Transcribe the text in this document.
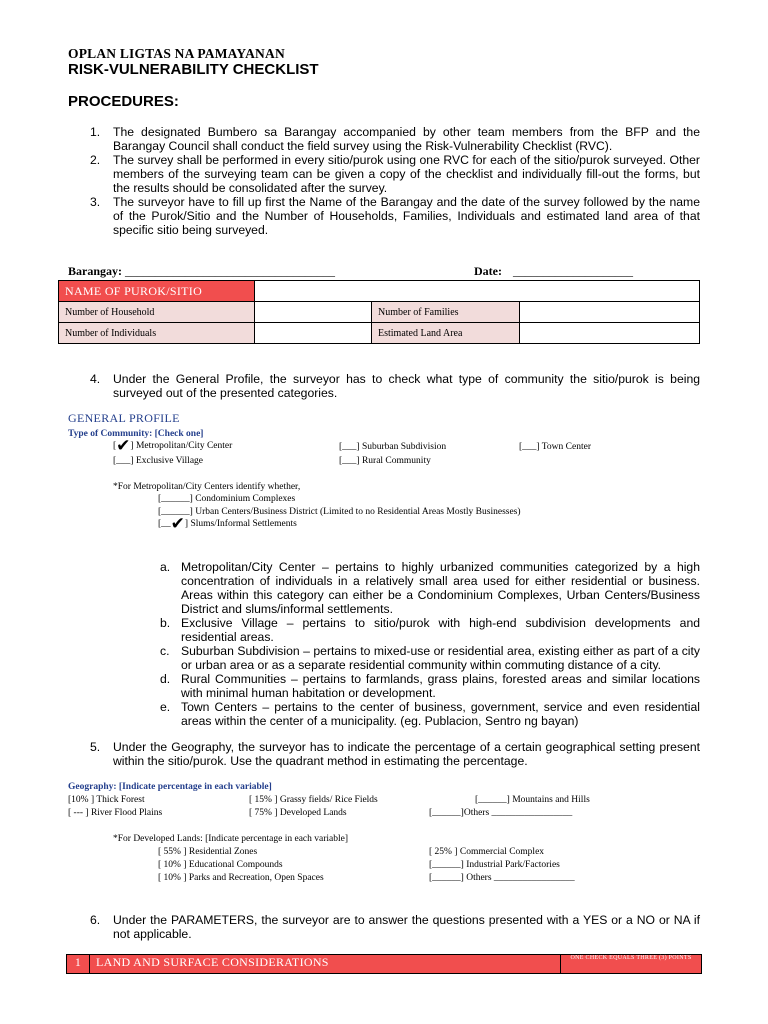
OPLAN LIGTAS NA PAMAYANAN
RISK-VULNERABILITY CHECKLIST
PROCEDURES:
1. The designated Bumbero sa Barangay accompanied by other team members from the BFP and the Barangay Council shall conduct the field survey using the Risk-Vulnerability Checklist (RVC).
2. The survey shall be performed in every sitio/purok using one RVC for each of the sitio/purok surveyed. Other members of the surveying team can be given a copy of the checklist and individually fill-out the forms, but the results should be consolidated after the survey.
3. The surveyor have to fill up first the Name of the Barangay and the date of the survey followed by the name of the Purok/Sitio and the Number of Households, Families, Individuals and estimated land area of that specific sitio being surveyed.
Barangay: ___________________________________	Date: ____________________
NAME OF PUROK/SITIO			
Number of Household		Number of Families	
Number of Individuals		Estimated Land Area	
4. Under the General Profile, the surveyor has to check what type of community the sitio/purok is being surveyed out of the presented categories.
GENERAL PROFILE
Type of Community: [Check one]
[✔] Metropolitan/City Center	[___] Suburban Subdivision	[___] Town Center
[___] Exclusive Village	[___] Rural Community
*For Metropolitan/City Centers identify whether,
[______] Condominium Complexes
[______] Urban Centers/Business District (Limited to no Residential Areas Mostly Businesses)
[__✔] Slums/Informal Settlements
a. Metropolitan/City Center – pertains to highly urbanized communities categorized by a high concentration of individuals in a relatively small area used for either residential or business. Areas within this category can either be a Condominium Complexes, Urban Centers/Business District and slums/informal settlements.
b. Exclusive Village – pertains to sitio/purok with high-end subdivision developments and residential areas.
c. Suburban Subdivision – pertains to mixed-use or residential area, existing either as part of a city or urban area or as a separate residential community within commuting distance of a city.
d. Rural Communities – pertains to farmlands, grass plains, forested areas and similar locations with minimal human habitation or development.
e. Town Centers – pertains to the center of business, government, service and even residential areas within the center of a municipality. (eg. Publacion, Sentro ng bayan)
5. Under the Geography, the surveyor has to indicate the percentage of a certain geographical setting present within the sitio/purok. Use the quadrant method in estimating the percentage.
Geography: [Indicate percentage in each variable]
[10% ] Thick Forest	[ 15% ] Grassy fields/ Rice Fields	[______] Mountains and Hills
[ --- ] River Flood Plains	[ 75% ] Developed Lands	[______]Others _________________
*For Developed Lands: [Indicate percentage in each variable]
[ 55% ] Residential Zones	[ 25% ] Commercial Complex
[ 10% ] Educational Compounds	[______] Industrial Park/Factories
[ 10% ] Parks and Recreation, Open Spaces	[______] Others _________________
6. Under the PARAMETERS, the surveyor are to answer the questions presented with a YES or a NO or NA if not applicable.
1	LAND AND SURFACE CONSIDERATIONS	ONE CHECK EQUALS THREE (3) POINTS
